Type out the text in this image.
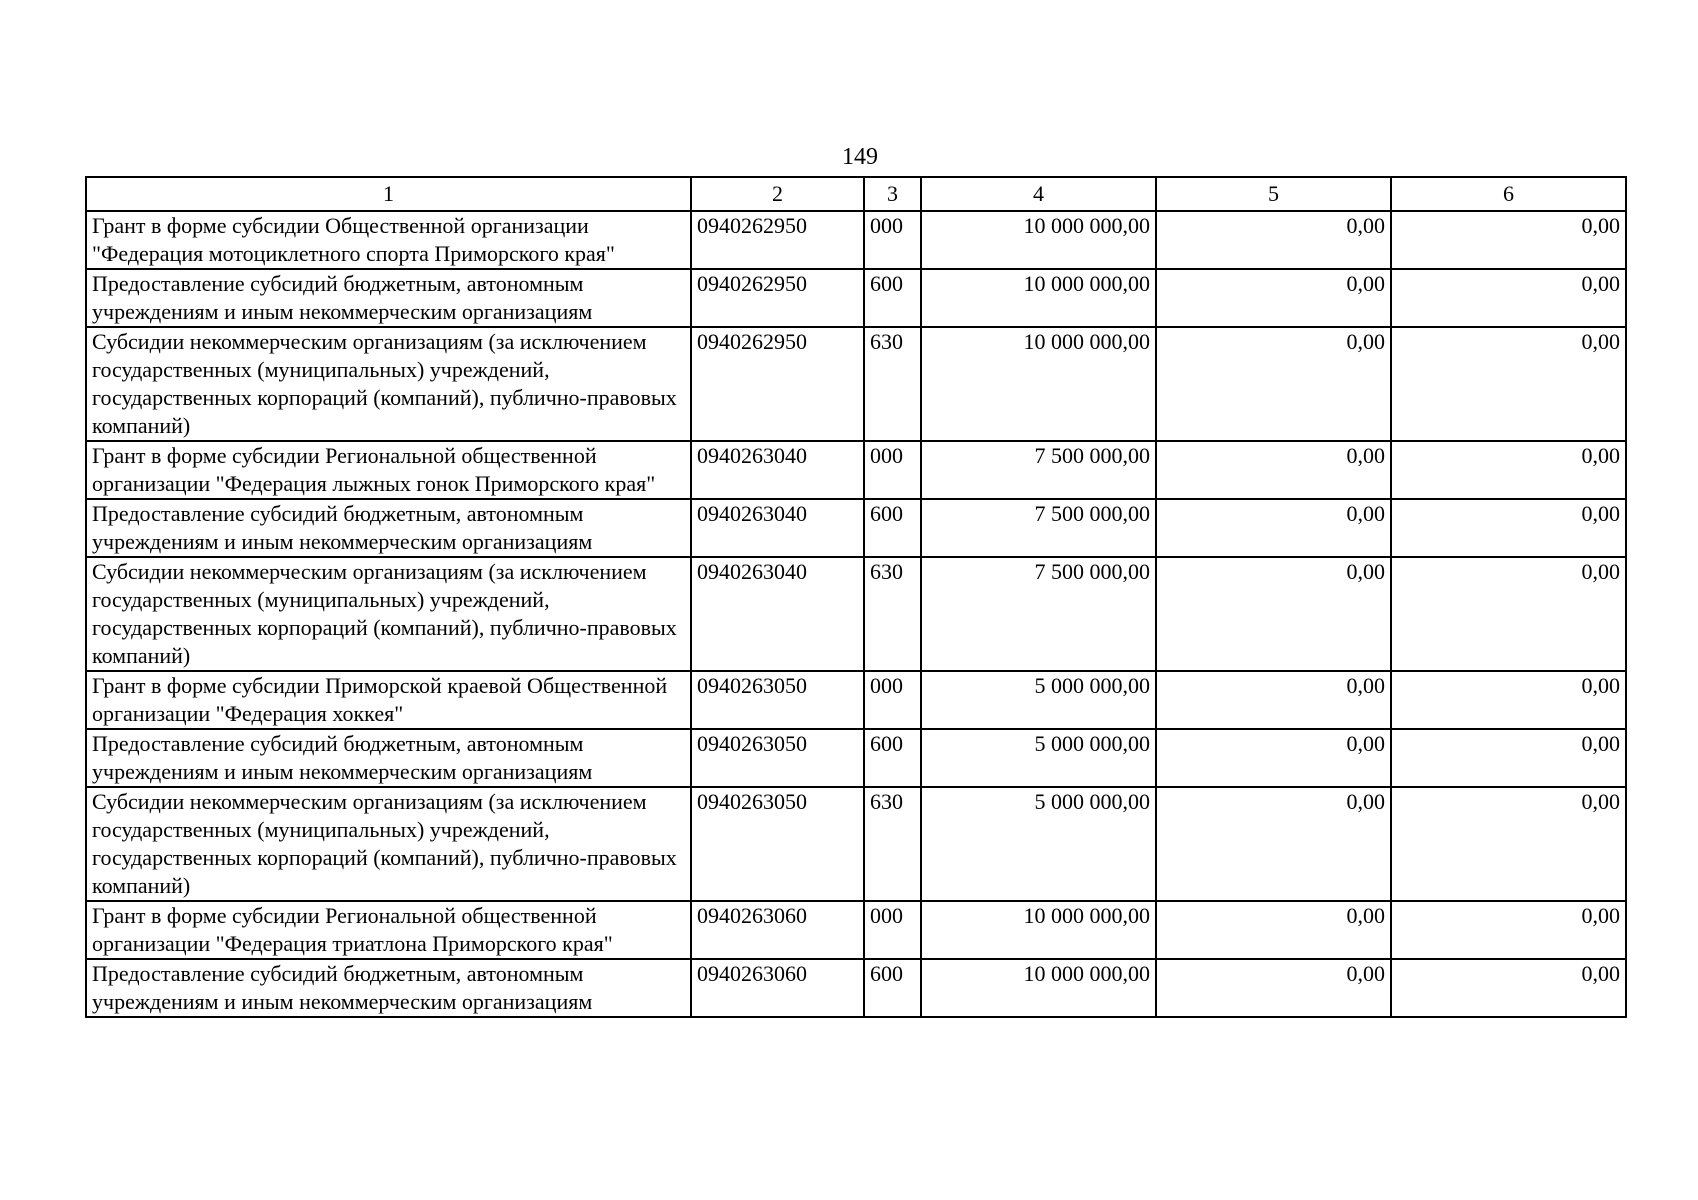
149
1	2	3	4	5	6
Грант в форме субсидии Общественной организации "Федерация мотоциклетного спорта Приморского края"	0940262950	000	10 000 000,00	0,00	0,00
Предоставление субсидий бюджетным, автономным учреждениям и иным некоммерческим организациям	0940262950	600	10 000 000,00	0,00	0,00
Субсидии некоммерческим организациям (за исключением государственных (муниципальных) учреждений, государственных корпораций (компаний), публично-правовых компаний)	0940262950	630	10 000 000,00	0,00	0,00
Грант в форме субсидии Региональной общественной организации "Федерация лыжных гонок Приморского края"	0940263040	000	7 500 000,00	0,00	0,00
Предоставление субсидий бюджетным, автономным учреждениям и иным некоммерческим организациям	0940263040	600	7 500 000,00	0,00	0,00
Субсидии некоммерческим организациям (за исключением государственных (муниципальных) учреждений, государственных корпораций (компаний), публично-правовых компаний)	0940263040	630	7 500 000,00	0,00	0,00
Грант в форме субсидии Приморской краевой Общественной организации "Федерация хоккея"	0940263050	000	5 000 000,00	0,00	0,00
Предоставление субсидий бюджетным, автономным учреждениям и иным некоммерческим организациям	0940263050	600	5 000 000,00	0,00	0,00
Субсидии некоммерческим организациям (за исключением государственных (муниципальных) учреждений, государственных корпораций (компаний), публично-правовых компаний)	0940263050	630	5 000 000,00	0,00	0,00
Грант в форме субсидии Региональной общественной организации "Федерация триатлона Приморского края"	0940263060	000	10 000 000,00	0,00	0,00
Предоставление субсидий бюджетным, автономным учреждениям и иным некоммерческим организациям	0940263060	600	10 000 000,00	0,00	0,00
